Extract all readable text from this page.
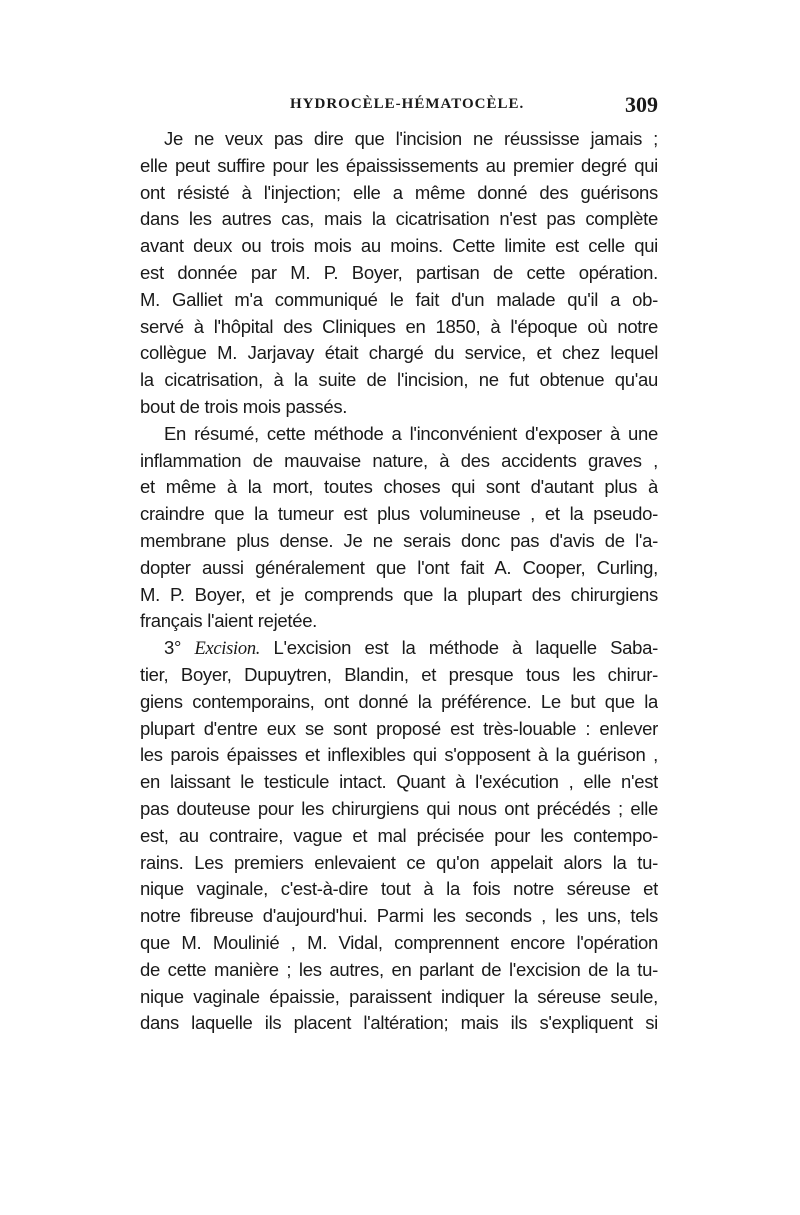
HYDROCÈLE-HÉMATOCÈLE.	309
Je ne veux pas dire que l'incision ne réussisse jamais ;
elle peut suffire pour les épaississements au premier degré qui
ont résisté à l'injection; elle a même donné des guérisons
dans les autres cas, mais la cicatrisation n'est pas complète
avant deux ou trois mois au moins. Cette limite est celle qui
est donnée par M. P. Boyer, partisan de cette opération.
M. Galliet m'a communiqué le fait d'un malade qu'il a ob-
servé à l'hôpital des Cliniques en 1850, à l'époque où notre
collègue M. Jarjavay était chargé du service, et chez lequel
la cicatrisation, à la suite de l'incision, ne fut obtenue qu'au
bout de trois mois passés.
En résumé, cette méthode a l'inconvénient d'exposer à une
inflammation de mauvaise nature, à des accidents graves ,
et même à la mort, toutes choses qui sont d'autant plus à
craindre que la tumeur est plus volumineuse , et la pseudo-
membrane plus dense. Je ne serais donc pas d'avis de l'a-
dopter aussi généralement que l'ont fait A. Cooper, Curling,
M. P. Boyer, et je comprends que la plupart des chirurgiens
français l'aient rejetée.
3° Excision. L'excision est la méthode à laquelle Saba-
tier, Boyer, Dupuytren, Blandin, et presque tous les chirur-
giens contemporains, ont donné la préférence. Le but que la
plupart d'entre eux se sont proposé est très-louable : enlever
les parois épaisses et inflexibles qui s'opposent à la guérison ,
en laissant le testicule intact. Quant à l'exécution , elle n'est
pas douteuse pour les chirurgiens qui nous ont précédés ; elle
est, au contraire, vague et mal précisée pour les contempo-
rains. Les premiers enlevaient ce qu'on appelait alors la tu-
nique vaginale, c'est-à-dire tout à la fois notre séreuse et
notre fibreuse d'aujourd'hui. Parmi les seconds , les uns, tels
que M. Moulinié , M. Vidal, comprennent encore l'opération
de cette manière ; les autres, en parlant de l'excision de la tu-
nique vaginale épaissie, paraissent indiquer la séreuse seule,
dans laquelle ils placent l'altération; mais ils s'expliquent si
